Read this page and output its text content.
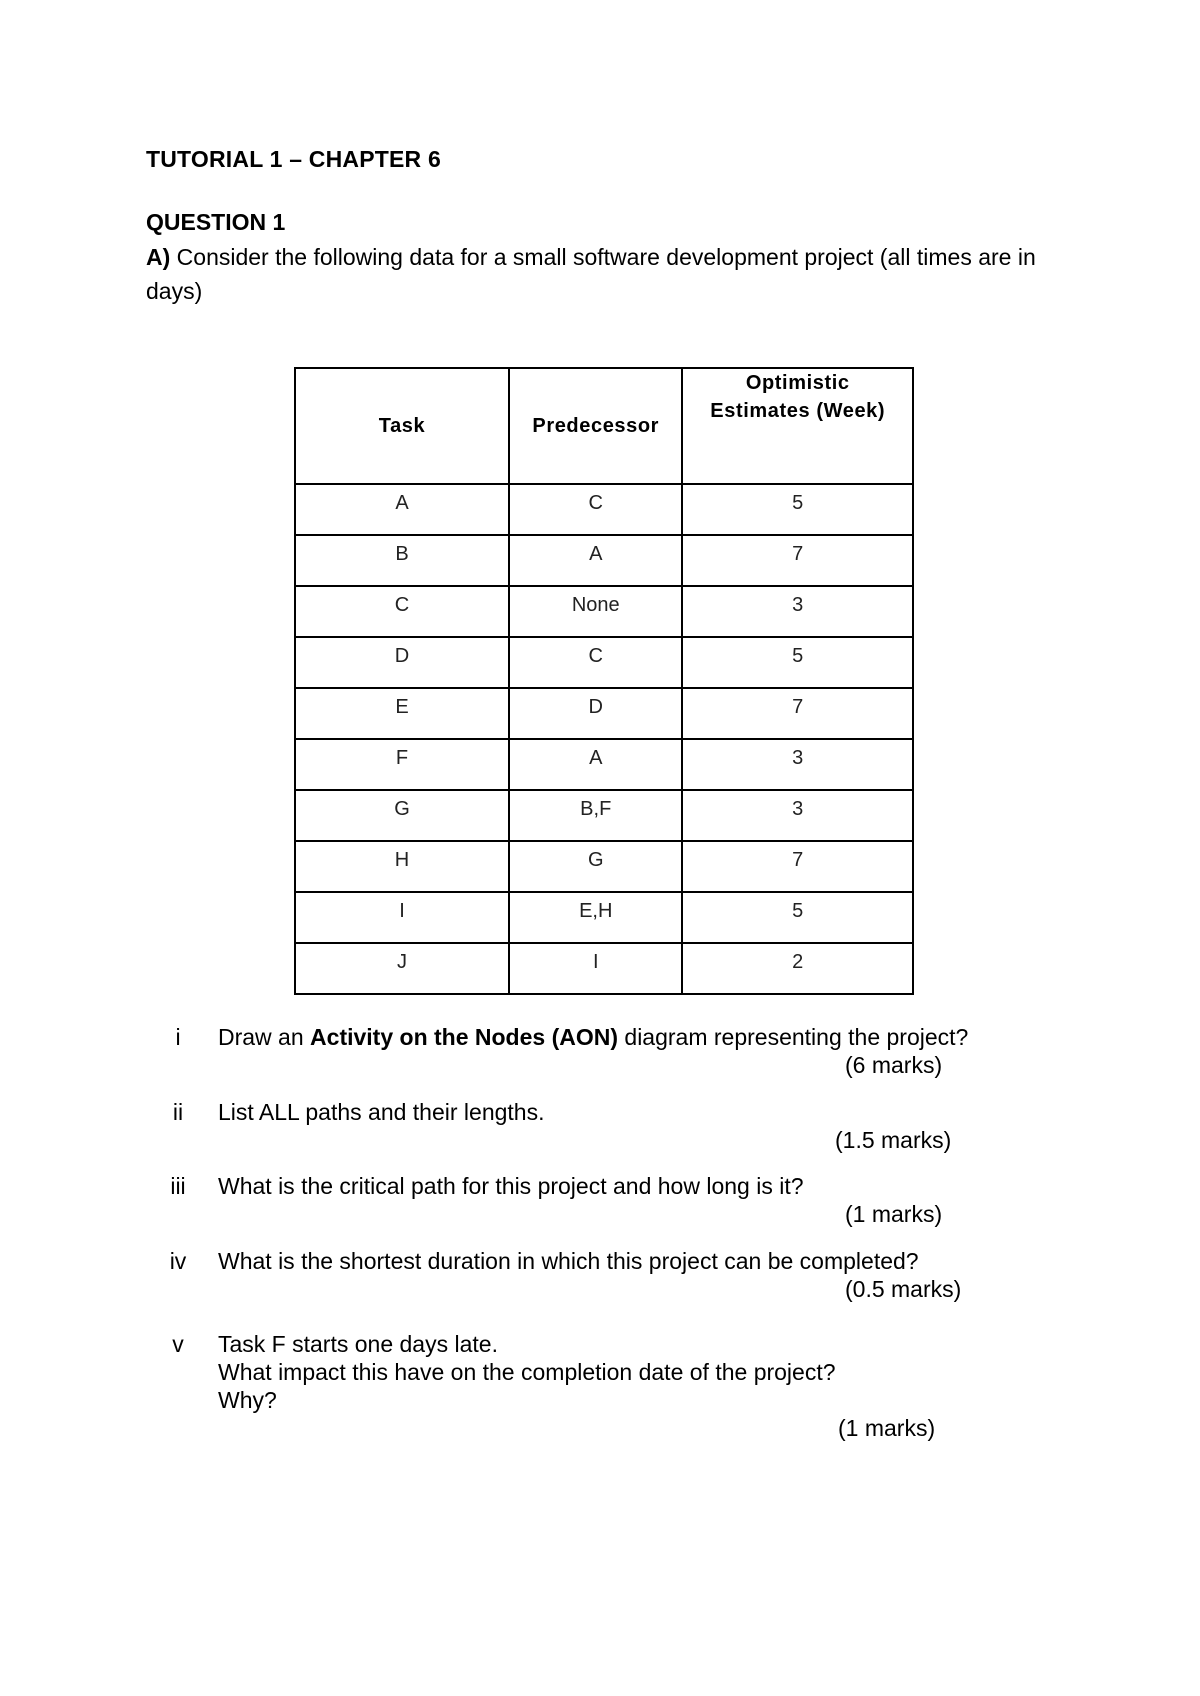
TUTORIAL 1 – CHAPTER 6
QUESTION 1
A) Consider the following data for a small software development project (all times are in days)
Task	Predecessor	Optimistic
Estimates (Week)

A	C	5
B	A	7
C	None	3
D	C	5
E	D	7
F	A	3
G	B,F	3
H	G	7
I	E,H	5
J	I	2
i	Draw an Activity on the Nodes (AON) diagram representing the project?
(6 marks)
ii	List ALL paths and their lengths.
(1.5 marks)
iii	What is the critical path for this project and how long is it?
(1 marks)
iv	What is the shortest duration in which this project can be completed?
(0.5 marks)
v	Task F starts one days late.
What impact this have on the completion date of the project?
Why?
(1 marks)
